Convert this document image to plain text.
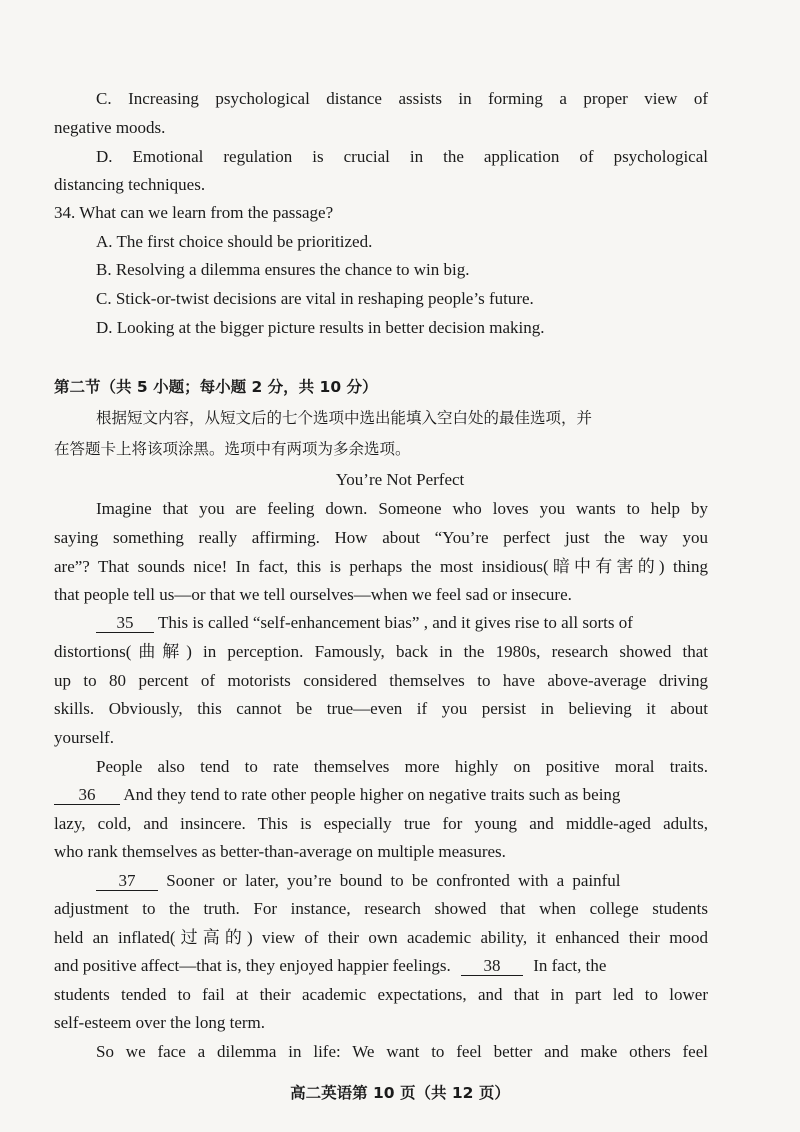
C. Increasing psychological distance assists in forming a proper view of
negative moods.
D. Emotional regulation is crucial in the application of psychological
distancing techniques.
34. What can we learn from the passage?
A. The first choice should be prioritized.
B. Resolving a dilemma ensures the chance to win big.
C. Stick-or-twist decisions are vital in reshaping people’s future.
D. Looking at the bigger picture results in better decision making.
第二节（共 5 小题；每小题 2 分，共 10 分）
根据短文内容，从短文后的七个选项中选出能填入空白处的最佳选项，并
在答题卡上将该项涂黑。选项中有两项为多余选项。
You’re Not Perfect
Imagine that you are feeling down. Someone who loves you wants to help by
saying something really affirming. How about “You’re perfect just the way you
are”? That sounds nice! In fact, this is perhaps the most insidious(暗中有害的) thing
that people tell us—or that we tell ourselves—when we feel sad or insecure.
35 This is called “self-enhancement bias” , and it gives rise to all sorts of
distortions(曲解) in perception. Famously, back in the 1980s, research showed that
up to 80 percent of motorists considered themselves to have above-average driving
skills. Obviously, this cannot be true—even if you persist in believing it about
yourself.
People also tend to rate themselves more highly on positive moral traits.
36 And they tend to rate other people higher on negative traits such as being
lazy, cold, and insincere. This is especially true for young and middle-aged adults,
who rank themselves as better-than-average on multiple measures.
37 Sooner or later, you’re bound to be confronted with a painful
adjustment to the truth. For instance, research showed that when college students
held an inflated(过高的) view of their own academic ability, it enhanced their mood
and positive affect—that is, they enjoyed happier feelings. 38 In fact, the
students tended to fail at their academic expectations, and that in part led to lower
self-esteem over the long term.
So we face a dilemma in life: We want to feel better and make others feel
高二英语第 10 页（共 12 页）
